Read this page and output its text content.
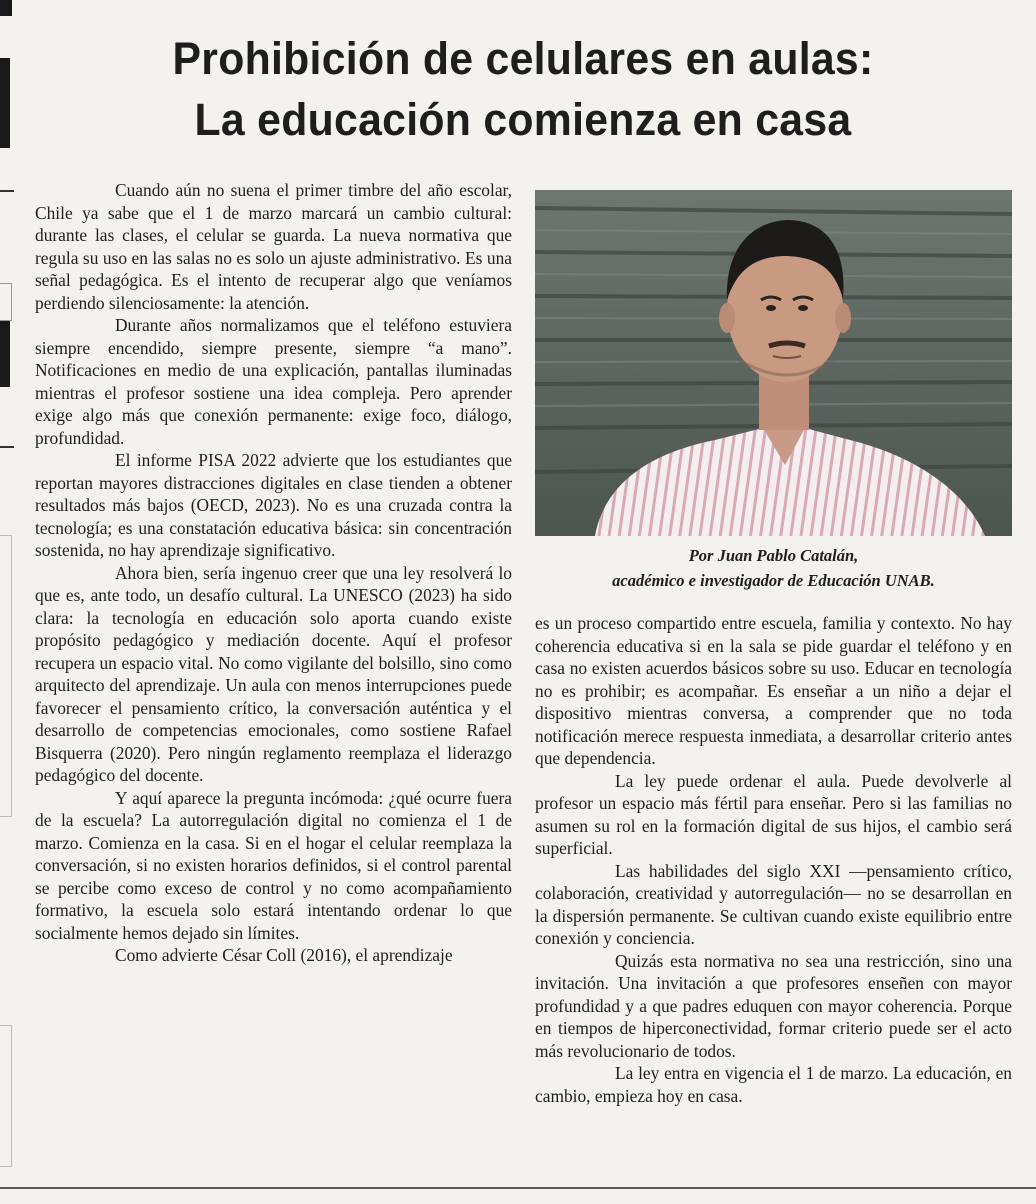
Prohibición de celulares en aulas:
La educación comienza en casa

Cuando aún no suena el primer timbre del año escolar, Chile ya sabe que el 1 de marzo marcará un cambio cultural: durante las clases, el celular se guarda. La nueva normativa que regula su uso en las salas no es solo un ajuste administrativo. Es una señal pedagógica. Es el intento de recuperar algo que veníamos perdiendo silenciosamente: la atención.

Durante años normalizamos que el teléfono estuviera siempre encendido, siempre presente, siempre “a mano”. Notificaciones en medio de una explicación, pantallas iluminadas mientras el profesor sostiene una idea compleja. Pero aprender exige algo más que conexión permanente: exige foco, diálogo, profundidad.

El informe PISA 2022 advierte que los estudiantes que reportan mayores distracciones digitales en clase tienden a obtener resultados más bajos (OECD, 2023). No es una cruzada contra la tecnología; es una constatación educativa básica: sin concentración sostenida, no hay aprendizaje significativo.

Ahora bien, sería ingenuo creer que una ley resolverá lo que es, ante todo, un desafío cultural. La UNESCO (2023) ha sido clara: la tecnología en educación solo aporta cuando existe propósito pedagógico y mediación docente. Aquí el profesor recupera un espacio vital. No como vigilante del bolsillo, sino como arquitecto del aprendizaje. Un aula con menos interrupciones puede favorecer el pensamiento crítico, la conversación auténtica y el desarrollo de competencias emocionales, como sostiene Rafael Bisquerra (2020). Pero ningún reglamento reemplaza el liderazgo pedagógico del docente.

Y aquí aparece la pregunta incómoda: ¿qué ocurre fuera de la escuela? La autorregulación digital no comienza el 1 de marzo. Comienza en la casa. Si en el hogar el celular reemplaza la conversación, si no existen horarios definidos, si el control parental se percibe como exceso de control y no como acompañamiento formativo, la escuela solo estará intentando ordenar lo que socialmente hemos dejado sin límites.

Como advierte César Coll (2016), el aprendizaje

Por Juan Pablo Catalán,
académico e investigador de Educación UNAB.

es un proceso compartido entre escuela, familia y contexto. No hay coherencia educativa si en la sala se pide guardar el teléfono y en casa no existen acuerdos básicos sobre su uso. Educar en tecnología no es prohibir; es acompañar. Es enseñar a un niño a dejar el dispositivo mientras conversa, a comprender que no toda notificación merece respuesta inmediata, a desarrollar criterio antes que dependencia.

La ley puede ordenar el aula. Puede devolverle al profesor un espacio más fértil para enseñar. Pero si las familias no asumen su rol en la formación digital de sus hijos, el cambio será superficial.

Las habilidades del siglo XXI —pensamiento crítico, colaboración, creatividad y autorregulación— no se desarrollan en la dispersión permanente. Se cultivan cuando existe equilibrio entre conexión y conciencia.

Quizás esta normativa no sea una restricción, sino una invitación. Una invitación a que profesores enseñen con mayor profundidad y a que padres eduquen con mayor coherencia. Porque en tiempos de hiperconectividad, formar criterio puede ser el acto más revolucionario de todos.

La ley entra en vigencia el 1 de marzo. La educación, en cambio, empieza hoy en casa.
